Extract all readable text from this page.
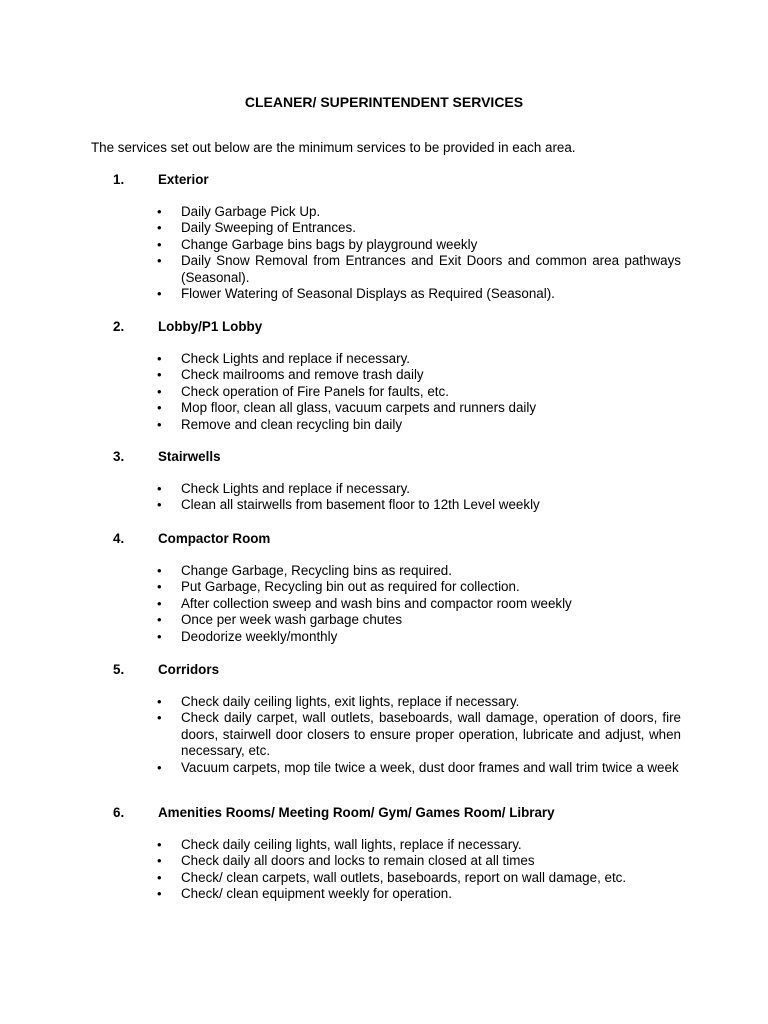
CLEANER/ SUPERINTENDENT SERVICES

The services set out below are the minimum services to be provided in each area.

1.	Exterior
• Daily Garbage Pick Up.
• Daily Sweeping of Entrances.
• Change Garbage bins bags by playground weekly
• Daily Snow Removal from Entrances and Exit Doors and common area pathways (Seasonal).
• Flower Watering of Seasonal Displays as Required (Seasonal).
2.	Lobby/P1 Lobby
• Check Lights and replace if necessary.
• Check mailrooms and remove trash daily
• Check operation of Fire Panels for faults, etc.
• Mop floor, clean all glass, vacuum carpets and runners daily
• Remove and clean recycling bin daily
3.	Stairwells
• Check Lights and replace if necessary.
• Clean all stairwells from basement floor to 12th Level weekly
4.	Compactor Room
• Change Garbage, Recycling bins as required.
• Put Garbage, Recycling bin out as required for collection.
• After collection sweep and wash bins and compactor room weekly
• Once per week wash garbage chutes
• Deodorize weekly/monthly
5.	Corridors
• Check daily ceiling lights, exit lights, replace if necessary.
• Check daily carpet, wall outlets, baseboards, wall damage, operation of doors, fire doors, stairwell door closers to ensure proper operation, lubricate and adjust, when necessary, etc.
• Vacuum carpets, mop tile twice a week, dust door frames and wall trim twice a week
6.	Amenities Rooms/ Meeting Room/ Gym/ Games Room/ Library
• Check daily ceiling lights, wall lights, replace if necessary.
• Check daily all doors and locks to remain closed at all times
• Check/ clean carpets, wall outlets, baseboards, report on wall damage, etc.
• Check/ clean equipment weekly for operation.
